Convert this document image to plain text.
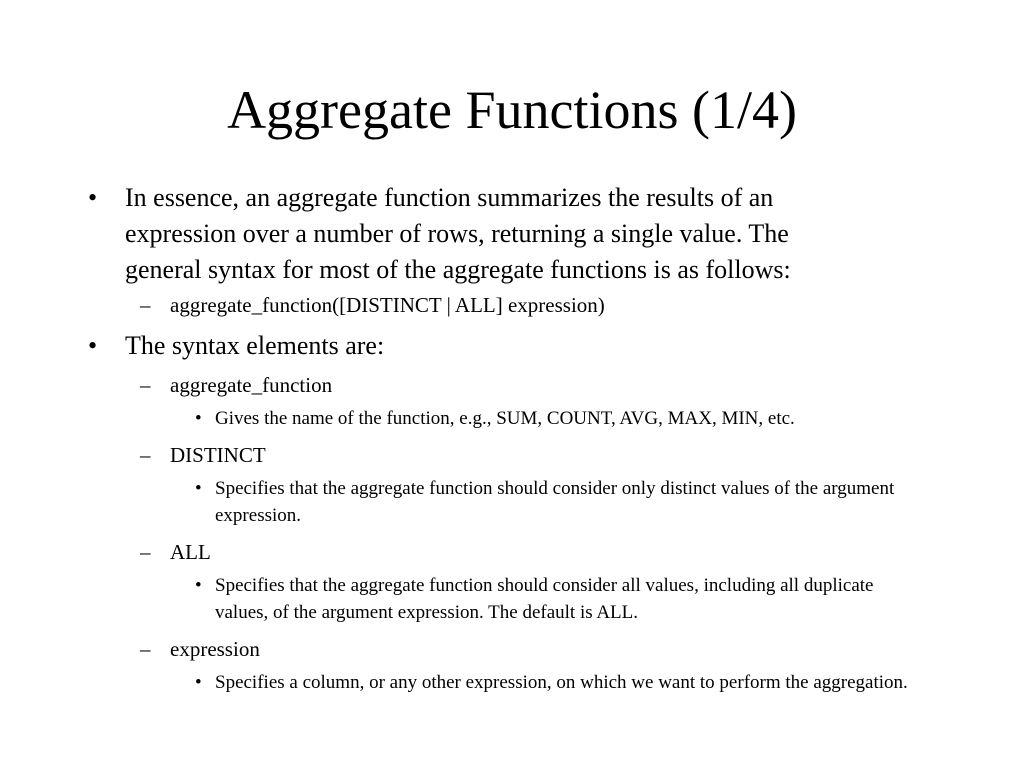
Aggregate Functions (1/4)
• In essence, an aggregate function summarizes the results of an expression over a number of rows, returning a single value. The general syntax for most of the aggregate functions is as follows:
– aggregate_function([DISTINCT | ALL] expression)
• The syntax elements are:
– aggregate_function
• Gives the name of the function, e.g., SUM, COUNT, AVG, MAX, MIN, etc.
– DISTINCT
• Specifies that the aggregate function should consider only distinct values of the argument expression.
– ALL
• Specifies that the aggregate function should consider all values, including all duplicate values, of the argument expression. The default is ALL.
– expression
• Specifies a column, or any other expression, on which we want to perform the aggregation.
